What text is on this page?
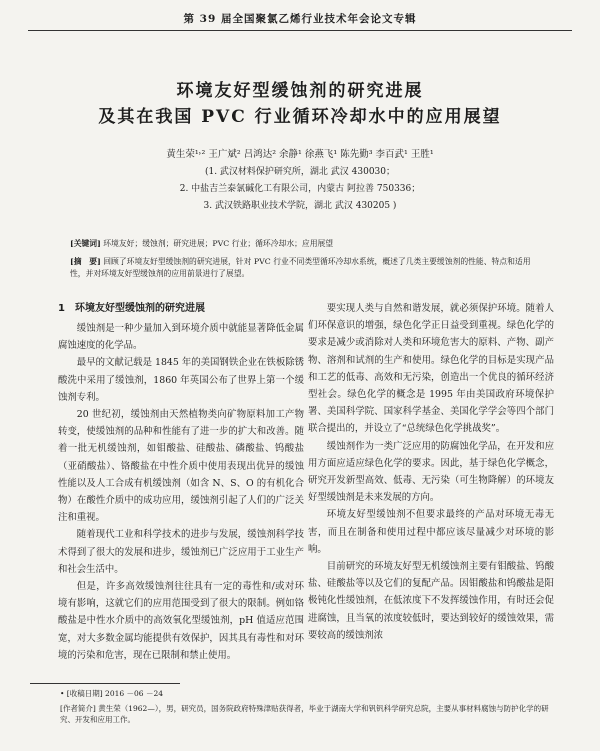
第 39 届全国聚氯乙烯行业技术年会论文专辑
环境友好型缓蚀剂的研究进展
及其在我国 PVC 行业循环冷却水中的应用展望
黄生荣¹˒² 王广斌² 吕鸿达² 余静¹ 徐燕飞¹ 陈先勤³ 李百武¹ 王胜¹
(1. 武汉材料保护研究所，湖北 武汉 430030；
2. 中盐吉兰泰氯碱化工有限公司，内蒙古 阿拉善 750336；
3. 武汉铁路职业技术学院，湖北 武汉 430205 )
[关键词] 环境友好；缓蚀剂；研究进展；PVC 行业；循环冷却水；应用展望
[摘　要] 回顾了环境友好型缓蚀剂的研究进展，针对 PVC 行业不同类型循环冷却水系统，概述了几类主要缓蚀剂的性能、特点和适用性，并对环境友好型缓蚀剂的应用前景进行了展望。
1　环境友好型缓蚀剂的研究进展

缓蚀剂是一种少量加入到环境介质中就能显著降低金属腐蚀速度的化学品。

最早的文献记载是 1845 年的美国钢铁企业在铁板除锈酸洗中采用了缓蚀剂，1860 年英国公布了世界上第一个缓蚀剂专利。

20 世纪初，缓蚀剂由天然植物类向矿物原料加工产物转变，使缓蚀剂的品种和性能有了进一步的扩大和改善。随着一批无机缓蚀剂，如钼酸盐、硅酸盐、磷酸盐、钨酸盐（亚硝酸盐）、铬酸盐在中性介质中使用表现出优异的缓蚀性能以及人工合成有机缓蚀剂（如含 N、S、O 的有机化合物）在酸性介质中的成功应用，缓蚀剂引起了人们的广泛关注和重视。

随着现代工业和科学技术的进步与发展，缓蚀剂科学技术得到了很大的发展和进步，缓蚀剂已广泛应用于工业生产和社会生活中。

但是，许多高效缓蚀剂往往具有一定的毒性和/或对环境有影响，这就它们的应用范围受到了很大的限制。例如铬酸盐是中性水介质中的高效氧化型缓蚀剂，pH 值适应范围宽，对大多数金属均能提供有效保护，因其具有毒性和对环境的污染和危害，现在已限制和禁止使用。

要实现人类与自然和谐发展，就必须保护环境。随着人们环保意识的增强，绿色化学正日益受到重视。绿色化学的要求是减少或消除对人类和环境危害大的原料、产物、副产物、溶剂和试剂的生产和使用。绿色化学的目标是实现产品和工艺的低毒、高效和无污染，创造出一个优良的循环经济型社会。绿色化学的概念是 1995 年由美国政府环境保护署、美国科学院、国家科学基金、美国化学学会等四个部门联合提出的，并设立了“总统绿色化学挑战奖”。

缓蚀剂作为一类广泛应用的防腐蚀化学品，在开发和应用方面应适应绿色化学的要求。因此，基于绿色化学概念，研究开发新型高效、低毒、无污染（可生物降解）的环境友好型缓蚀剂是未来发展的方向。

环境友好型缓蚀剂不但要求最终的产品对环境无毒无害，而且在制备和使用过程中都应该尽量减少对环境的影响。

目前研究的环境友好型无机缓蚀剂主要有钼酸盐、钨酸盐、硅酸盐等以及它们的复配产品。因钼酸盐和钨酸盐是阳极钝化性缓蚀剂，在低浓度下不发挥缓蚀作用，有时还会促进腐蚀，且当氧的浓度较低时，要达到较好的缓蚀效果，需要较高的缓蚀剂浓

• [收稿日期] 2016 －06 －24
[作者简介] 黄生荣（1962—），男，研究员，国务院政府特殊津贴获得者，毕业于湖南大学和钒钒科学研究总院，主要从事材料腐蚀与防护化学的研究、开发和应用工作。
